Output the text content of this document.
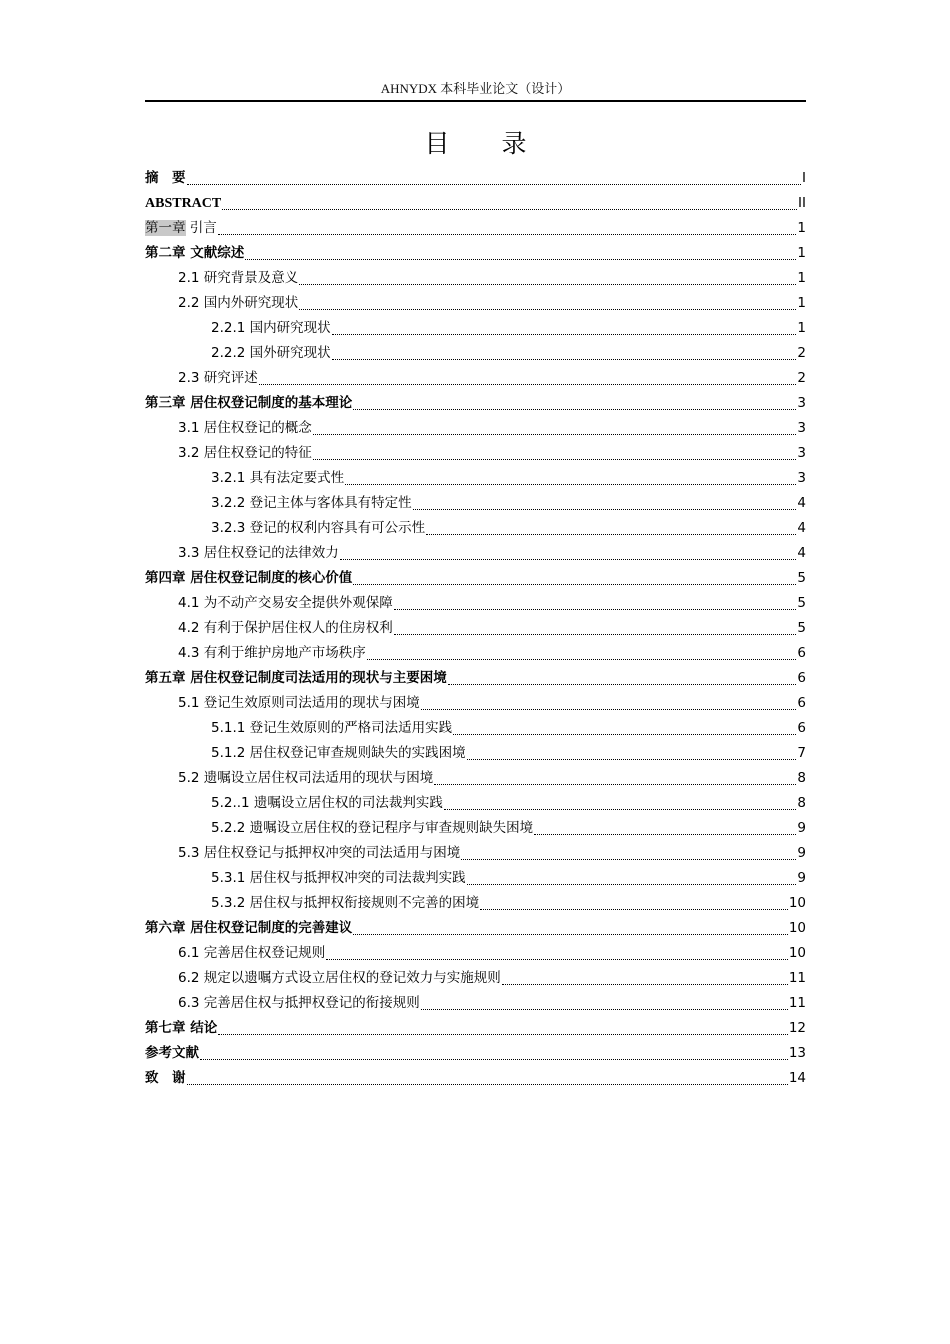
AHNYDX 本科毕业论文（设计）
目 录
摘　要	I
ABSTRACT	II
第一章 引言	1
第二章 文献综述	1
2.1 研究背景及意义	1
2.2 国内外研究现状	1
2.2.1 国内研究现状	1
2.2.2 国外研究现状	2
2.3 研究评述	2
第三章 居住权登记制度的基本理论	3
3.1 居住权登记的概念	3
3.2 居住权登记的特征	3
3.2.1 具有法定要式性	3
3.2.2 登记主体与客体具有特定性	4
3.2.3 登记的权利内容具有可公示性	4
3.3 居住权登记的法律效力	4
第四章 居住权登记制度的核心价值	5
4.1 为不动产交易安全提供外观保障	5
4.2 有利于保护居住权人的住房权利	5
4.3 有利于维护房地产市场秩序	6
第五章 居住权登记制度司法适用的现状与主要困境	6
5.1 登记生效原则司法适用的现状与困境	6
5.1.1 登记生效原则的严格司法适用实践	6
5.1.2 居住权登记审查规则缺失的实践困境	7
5.2 遗嘱设立居住权司法适用的现状与困境	8
5.2..1 遗嘱设立居住权的司法裁判实践	8
5.2.2 遗嘱设立居住权的登记程序与审查规则缺失困境	9
5.3 居住权登记与抵押权冲突的司法适用与困境	9
5.3.1 居住权与抵押权冲突的司法裁判实践	9
5.3.2 居住权与抵押权衔接规则不完善的困境	10
第六章 居住权登记制度的完善建议	10
6.1 完善居住权登记规则	10
6.2 规定以遗嘱方式设立居住权的登记效力与实施规则	11
6.3 完善居住权与抵押权登记的衔接规则	11
第七章 结论	12
参考文献	13
致　谢	14
